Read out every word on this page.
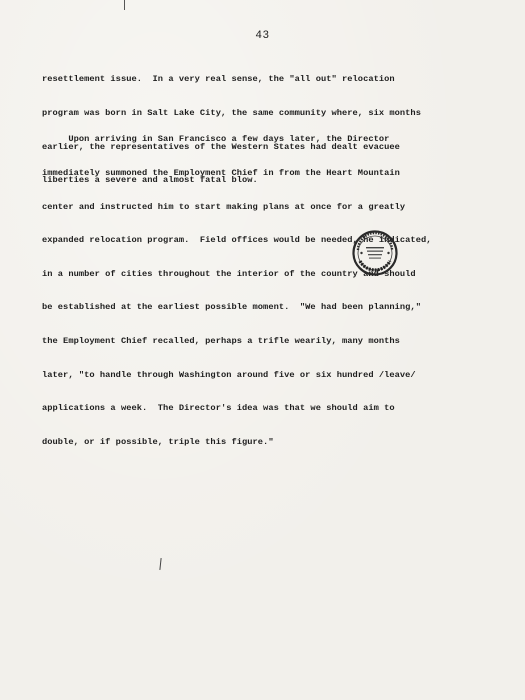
43

resettlement issue.  In a very real sense, the "all out" relocation

program was born in Salt Lake City, the same community where, six months

earlier, the representatives of the Western States had dealt evacuee

liberties a severe and almost fatal blow.

Upon arriving in San Francisco a few days later, the Director

immediately summoned the Employment Chief in from the Heart Mountain

center and instructed him to start making plans at once for a greatly

expanded relocation program.  Field offices would be needed, he indicated,

in a number of cities throughout the interior of the country and should

be established at the earliest possible moment.  "We had been planning,"

the Employment Chief recalled, perhaps a trifle wearily, many months

later, "to handle through Washington around five or six hundred /leave/

applications a week.  The Director's idea was that we should aim to

double, or if possible, triple this figure."
